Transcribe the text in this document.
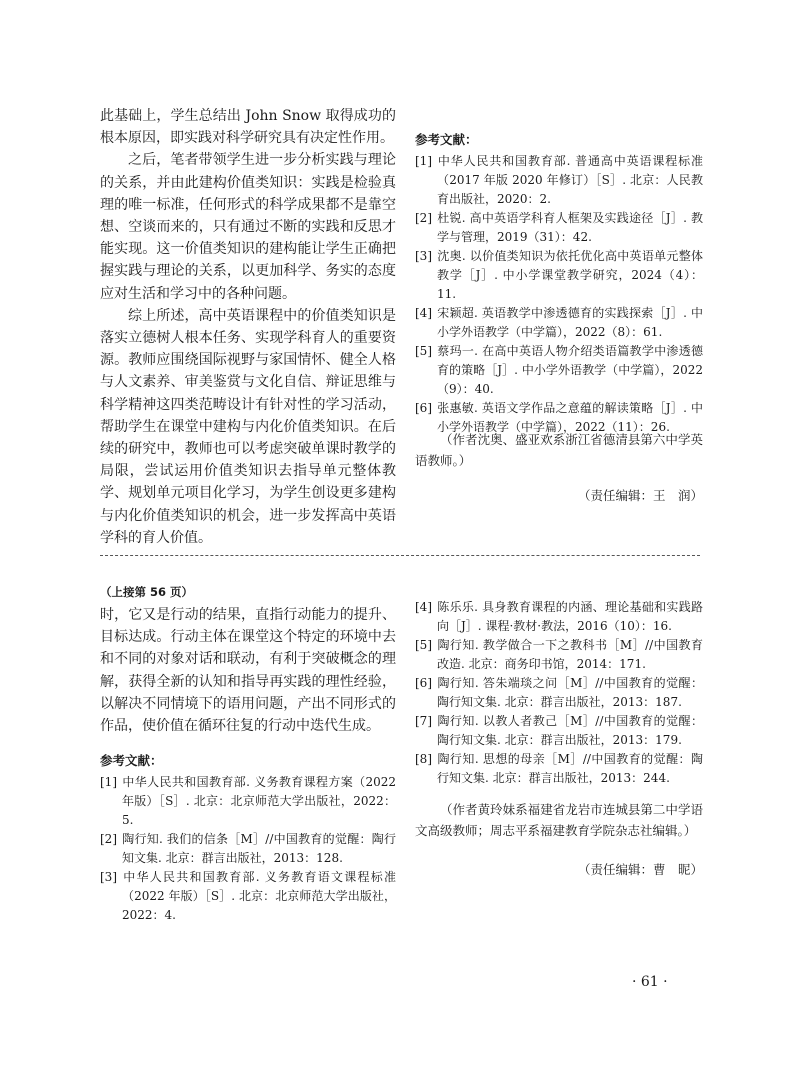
此基础上，学生总结出 John Snow 取得成功的根本原因，即实践对科学研究具有决定性作用。

之后，笔者带领学生进一步分析实践与理论的关系，并由此建构价值类知识：实践是检验真理的唯一标准，任何形式的科学成果都不是靠空想、空谈而来的，只有通过不断的实践和反思才能实现。这一价值类知识的建构能让学生正确把握实践与理论的关系，以更加科学、务实的态度应对生活和学习中的各种问题。

综上所述，高中英语课程中的价值类知识是落实立德树人根本任务、实现学科育人的重要资源。教师应围绕国际视野与家国情怀、健全人格与人文素养、审美鉴赏与文化自信、辩证思维与科学精神这四类范畴设计有针对性的学习活动，帮助学生在课堂中建构与内化价值类知识。在后续的研究中，教师也可以考虑突破单课时教学的局限，尝试运用价值类知识去指导单元整体教学、规划单元项目化学习，为学生创设更多建构与内化价值类知识的机会，进一步发挥高中英语学科的育人价值。

参考文献：
[1] 中华人民共和国教育部. 普通高中英语课程标准（2017 年版 2020 年修订）［S］. 北京：人民教育出版社，2020：2.
[2] 杜锐. 高中英语学科育人框架及实践途径［J］. 教学与管理，2019（31）：42.
[3] 沈奥. 以价值类知识为依托优化高中英语单元整体教学［J］. 中小学课堂教学研究，2024（4）：11.
[4] 宋颖超. 英语教学中渗透德育的实践探索［J］. 中小学外语教学（中学篇），2022（8）：61.
[5] 蔡玛一. 在高中英语人物介绍类语篇教学中渗透德育的策略［J］. 中小学外语教学（中学篇），2022（9）：40.
[6] 张惠敏. 英语文学作品之意蕴的解读策略［J］. 中小学外语教学（中学篇），2022（11）：26.
（作者沈奥、盛亚欢系浙江省德清县第六中学英语教师。）
（责任编辑：王　润）
（上接第 56 页）

时，它又是行动的结果，直指行动能力的提升、目标达成。行动主体在课堂这个特定的环境中去和不同的对象对话和联动，有利于突破概念的理解，获得全新的认知和指导再实践的理性经验，以解决不同情境下的语用问题，产出不同形式的作品，使价值在循环往复的行动中迭代生成。

参考文献：
[1] 中华人民共和国教育部. 义务教育课程方案（2022 年版）［S］. 北京：北京师范大学出版社，2022：5.
[2] 陶行知. 我们的信条［M］//中国教育的觉醒：陶行知文集. 北京：群言出版社，2013：128.
[3] 中华人民共和国教育部. 义务教育语文课程标准（2022 年版）［S］. 北京：北京师范大学出版社，2022：4.
[4] 陈乐乐. 具身教育课程的内涵、理论基础和实践路向［J］. 课程·教材·教法，2016（10）：16.
[5] 陶行知. 教学做合一下之教科书［M］//中国教育改造. 北京：商务印书馆，2014：171.
[6] 陶行知. 答朱端琰之问［M］//中国教育的觉醒：陶行知文集. 北京：群言出版社，2013：187.
[7] 陶行知. 以教人者教己［M］//中国教育的觉醒：陶行知文集. 北京：群言出版社，2013：179.
[8] 陶行知. 思想的母亲［M］//中国教育的觉醒：陶行知文集. 北京：群言出版社，2013：244.
（作者黄玲妹系福建省龙岩市连城县第二中学语文高级教师；周志平系福建教育学院杂志社编辑。）
（责任编辑：曹　昵）
· 61 ·
